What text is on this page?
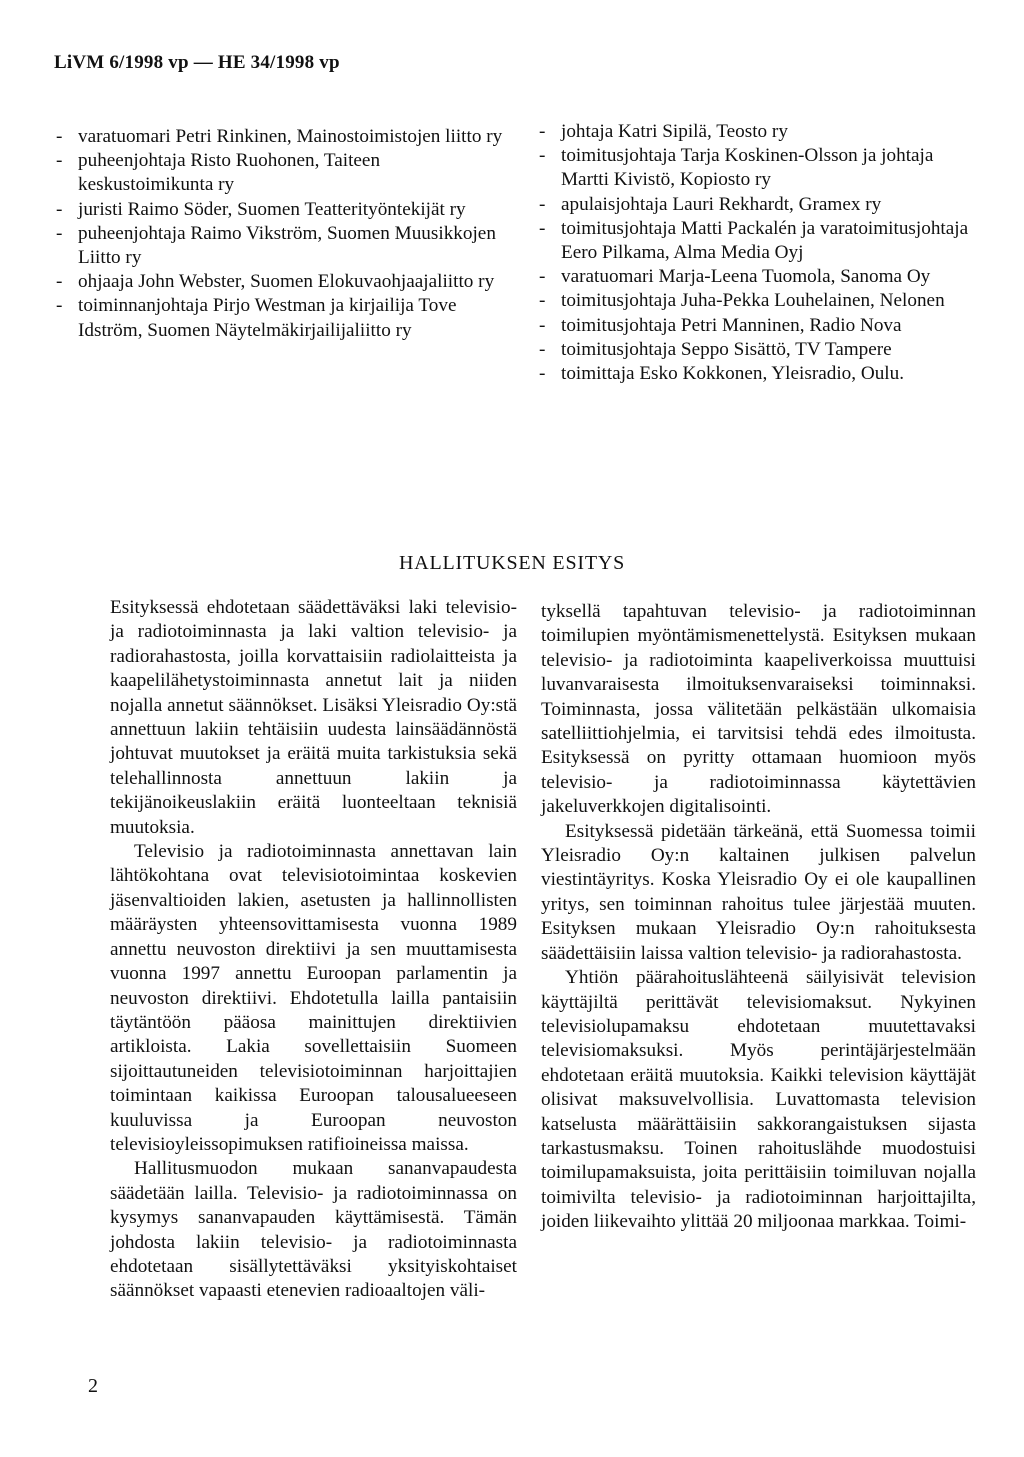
LiVM 6/1998 vp — HE 34/1998 vp
- varatuomari Petri Rinkinen, Mainostoimistojen liitto ry
- puheenjohtaja Risto Ruohonen, Taiteen keskustoimikunta ry
- juristi Raimo Söder, Suomen Teatterityöntekijät ry
- puheenjohtaja Raimo Vikström, Suomen Muusikkojen Liitto ry
- ohjaaja John Webster, Suomen Elokuvaohjaajaliitto ry
- toiminnanjohtaja Pirjo Westman ja kirjailija Tove Idström, Suomen Näytelmäkirjailijaliitto ry
- johtaja Katri Sipilä, Teosto ry
- toimitusjohtaja Tarja Koskinen-Olsson ja johtaja Martti Kivistö, Kopiosto ry
- apulaisjohtaja Lauri Rekhardt, Gramex ry
- toimitusjohtaja Matti Packalén ja varatoimitusjohtaja Eero Pilkama, Alma Media Oyj
- varatuomari Marja-Leena Tuomola, Sanoma Oy
- toimitusjohtaja Juha-Pekka Louhelainen, Nelonen
- toimitusjohtaja Petri Manninen, Radio Nova
- toimitusjohtaja Seppo Sisättö, TV Tampere
- toimittaja Esko Kokkonen, Yleisradio, Oulu.
HALLITUKSEN ESITYS

Esityksessä ehdotetaan säädettäväksi laki televisio- ja radiotoiminnasta ja laki valtion televisio- ja radiorahastosta, joilla korvattaisiin radiolaitteista ja kaapelilähetystoiminnasta annetut lait ja niiden nojalla annetut säännökset. Lisäksi Yleisradio Oy:stä annettuun lakiin tehtäisiin uudesta lainsäädännöstä johtuvat muutokset ja eräitä muita tarkistuksia sekä telehallinnosta annettuun lakiin ja tekijänoikeuslakiin eräitä luonteeltaan teknisiä muutoksia.

Televisio ja radiotoiminnasta annettavan lain lähtökohtana ovat televisiotoimintaa koskevien jäsenvaltioiden lakien, asetusten ja hallinnollisten määräysten yhteensovittamisesta vuonna 1989 annettu neuvoston direktiivi ja sen muuttamisesta vuonna 1997 annettu Euroopan parlamentin ja neuvoston direktiivi. Ehdotetulla lailla pantaisiin täytäntöön pääosa mainittujen direktiivien artikloista. Lakia sovellettaisiin Suomeen sijoittautuneiden televisiotoiminnan harjoittajien toimintaan kaikissa Euroopan talousalueeseen kuuluvissa ja Euroopan neuvoston televisioyleissopimuksen ratifioineissa maissa.

Hallitusmuodon mukaan sananvapaudesta säädetään lailla. Televisio- ja radiotoiminnassa on kysymys sananvapauden käyttämisestä. Tämän johdosta lakiin televisio- ja radiotoiminnasta ehdotetaan sisällytettäväksi yksityiskohtaiset säännökset vapaasti etenevien radioaaltojen väli-

tyksellä tapahtuvan televisio- ja radiotoiminnan toimilupien myöntämismenettelystä. Esityksen mukaan televisio- ja radiotoiminta kaapeliverkoissa muuttuisi luvanvaraisesta ilmoituksenvaraiseksi toiminnaksi. Toiminnasta, jossa välitetään pelkästään ulkomaisia satelliittiohjelmia, ei tarvitsisi tehdä edes ilmoitusta. Esityksessä on pyritty ottamaan huomioon myös televisio- ja radiotoiminnassa käytettävien jakeluverkkojen digitalisointi.

Esityksessä pidetään tärkeänä, että Suomessa toimii Yleisradio Oy:n kaltainen julkisen palvelun viestintäyritys. Koska Yleisradio Oy ei ole kaupallinen yritys, sen toiminnan rahoitus tulee järjestää muuten. Esityksen mukaan Yleisradio Oy:n rahoituksesta säädettäisiin laissa valtion televisio- ja radiorahastosta.

Yhtiön päärahoituslähteenä säilyisivät television käyttäjiltä perittävät televisiomaksut. Nykyinen televisiolupamaksu ehdotetaan muutettavaksi televisiomaksuksi. Myös perintäjärjestelmään ehdotetaan eräitä muutoksia. Kaikki television käyttäjät olisivat maksuvelvollisia. Luvattomasta television katselusta määrättäisiin sakkorangaistuksen sijasta tarkastusmaksu. Toinen rahoituslähde muodostuisi toimilupamaksuista, joita perittäisiin toimiluvan nojalla toimivilta televisio- ja radiotoiminnan harjoittajilta, joiden liikevaihto ylittää 20 miljoonaa markkaa. Toimi-

2
